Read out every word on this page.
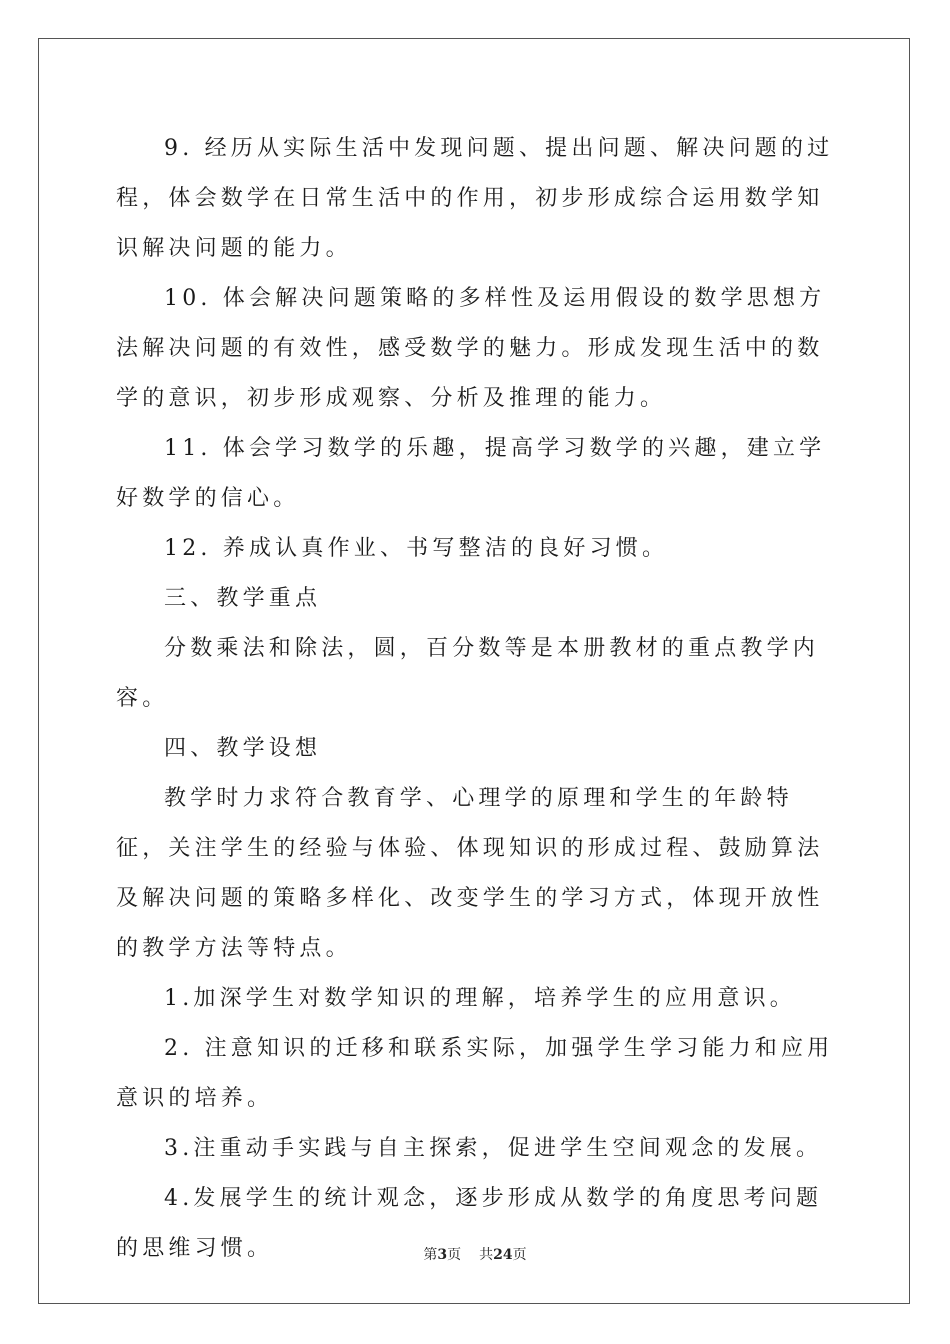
9. 经历从实际生活中发现问题、提出问题、解决问题的过程，体会数学在日常生活中的作用，初步形成综合运用数学知识解决问题的能力。

10. 体会解决问题策略的多样性及运用假设的数学思想方法解决问题的有效性，感受数学的魅力。形成发现生活中的数学的意识，初步形成观察、分析及推理的能力。

11. 体会学习数学的乐趣，提高学习数学的兴趣，建立学好数学的信心。

12. 养成认真作业、书写整洁的良好习惯。

三、教学重点

分数乘法和除法，圆，百分数等是本册教材的重点教学内容。

四、教学设想

教学时力求符合教育学、心理学的原理和学生的年龄特征，关注学生的经验与体验、体现知识的形成过程、鼓励算法及解决问题的策略多样化、改变学生的学习方式，体现开放性的教学方法等特点。

1.加深学生对数学知识的理解，培养学生的应用意识。

2. 注意知识的迁移和联系实际，加强学生学习能力和应用意识的培养。

3.注重动手实践与自主探索，促进学生空间观念的发展。

4.发展学生的统计观念，逐步形成从数学的角度思考问题的思维习惯。	第3页 共24页
